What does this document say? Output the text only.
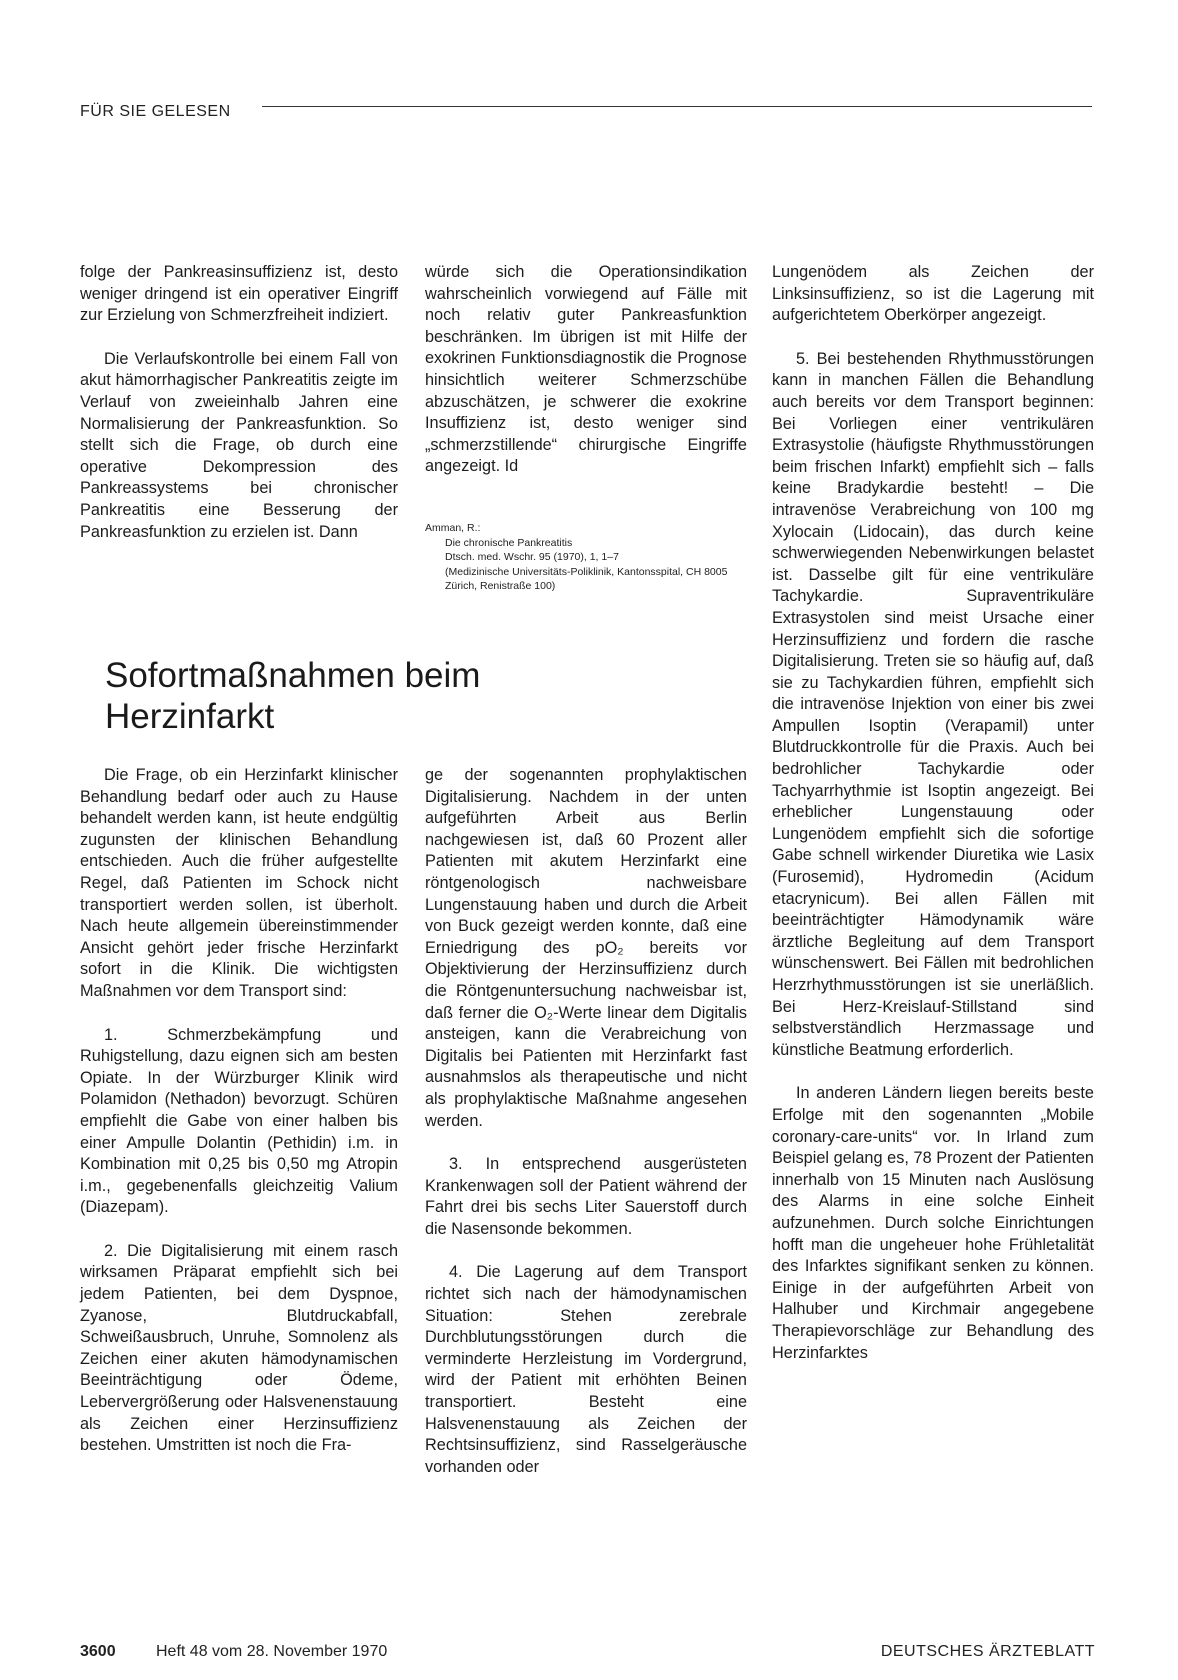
FÜR SIE GELESEN

folge der Pankreasinsuffizienz ist, desto weniger dringend ist ein operativer Eingriff zur Erzielung von Schmerzfreiheit indiziert.

Die Verlaufskontrolle bei einem Fall von akut hämorrhagischer Pankreatitis zeigte im Verlauf von zweieinhalb Jahren eine Normalisierung der Pankreasfunktion. So stellt sich die Frage, ob durch eine operative Dekompression des Pankreassystems bei chronischer Pankreatitis eine Besserung der Pankreasfunktion zu erzielen ist. Dann

würde sich die Operationsindikation wahrscheinlich vorwiegend auf Fälle mit noch relativ guter Pankreasfunktion beschränken. Im übrigen ist mit Hilfe der exokrinen Funktionsdiagnostik die Prognose hinsichtlich weiterer Schmerzschübe abzuschätzen, je schwerer die exokrine Insuffizienz ist, desto weniger sind „schmerzstillende“ chirurgische Eingriffe angezeigt. Id

Amman, R.:
Die chronische Pankreatitis
Dtsch. med. Wschr. 95 (1970), 1, 1–7
(Medizinische Universitäts-Poliklinik, Kantonsspital, CH 8005 Zürich, Renistraße 100)
Sofortmaßnahmen beim
Herzinfarkt

Die Frage, ob ein Herzinfarkt klinischer Behandlung bedarf oder auch zu Hause behandelt werden kann, ist heute endgültig zugunsten der klinischen Behandlung entschieden. Auch die früher aufgestellte Regel, daß Patienten im Schock nicht transportiert werden sollen, ist überholt. Nach heute allgemein übereinstimmender Ansicht gehört jeder frische Herzinfarkt sofort in die Klinik. Die wichtigsten Maßnahmen vor dem Transport sind:

1. Schmerzbekämpfung und Ruhigstellung, dazu eignen sich am besten Opiate. In der Würzburger Klinik wird Polamidon (Nethadon) bevorzugt. Schüren empfiehlt die Gabe von einer halben bis einer Ampulle Dolantin (Pethidin) i.m. in Kombination mit 0,25 bis 0,50 mg Atropin i.m., gegebenenfalls gleichzeitig Valium (Diazepam).

2. Die Digitalisierung mit einem rasch wirksamen Präparat empfiehlt sich bei jedem Patienten, bei dem Dyspnoe, Zyanose, Blutdruckabfall, Schweißausbruch, Unruhe, Somnolenz als Zeichen einer akuten hämodynamischen Beeinträchtigung oder Ödeme, Lebervergrößerung oder Halsvenenstauung als Zeichen einer Herzinsuffizienz bestehen. Umstritten ist noch die Fra-

ge der sogenannten prophylaktischen Digitalisierung. Nachdem in der unten aufgeführten Arbeit aus Berlin nachgewiesen ist, daß 60 Prozent aller Patienten mit akutem Herzinfarkt eine röntgenologisch nachweisbare Lungenstauung haben und durch die Arbeit von Buck gezeigt werden konnte, daß eine Erniedrigung des pO₂ bereits vor Objektivierung der Herzinsuffizienz durch die Röntgenuntersuchung nachweisbar ist, daß ferner die O₂-Werte linear dem Digitalis ansteigen, kann die Verabreichung von Digitalis bei Patienten mit Herzinfarkt fast ausnahmslos als therapeutische und nicht als prophylaktische Maßnahme angesehen werden.

3. In entsprechend ausgerüsteten Krankenwagen soll der Patient während der Fahrt drei bis sechs Liter Sauerstoff durch die Nasensonde bekommen.

4. Die Lagerung auf dem Transport richtet sich nach der hämodynamischen Situation: Stehen zerebrale Durchblutungsstörungen durch die verminderte Herzleistung im Vordergrund, wird der Patient mit erhöhten Beinen transportiert. Besteht eine Halsvenenstauung als Zeichen der Rechtsinsuffizienz, sind Rasselgeräusche vorhanden oder

Lungenödem als Zeichen der Linksinsuffizienz, so ist die Lagerung mit aufgerichtetem Oberkörper angezeigt.

5. Bei bestehenden Rhythmusstörungen kann in manchen Fällen die Behandlung auch bereits vor dem Transport beginnen: Bei Vorliegen einer ventrikulären Extrasystolie (häufigste Rhythmusstörungen beim frischen Infarkt) empfiehlt sich – falls keine Bradykardie besteht! – Die intravenöse Verabreichung von 100 mg Xylocain (Lidocain), das durch keine schwerwiegenden Nebenwirkungen belastet ist. Dasselbe gilt für eine ventrikuläre Tachykardie. Supraventrikuläre Extrasystolen sind meist Ursache einer Herzinsuffizienz und fordern die rasche Digitalisierung. Treten sie so häufig auf, daß sie zu Tachykardien führen, empfiehlt sich die intravenöse Injektion von einer bis zwei Ampullen Isoptin (Verapamil) unter Blutdruckkontrolle für die Praxis. Auch bei bedrohlicher Tachykardie oder Tachyarrhythmie ist Isoptin angezeigt. Bei erheblicher Lungenstauung oder Lungenödem empfiehlt sich die sofortige Gabe schnell wirkender Diuretika wie Lasix (Furosemid), Hydromedin (Acidum etacrynicum). Bei allen Fällen mit beeinträchtigter Hämodynamik wäre ärztliche Begleitung auf dem Transport wünschenswert. Bei Fällen mit bedrohlichen Herzrhythmusstörungen ist sie unerläßlich. Bei Herz-Kreislauf-Stillstand sind selbstverständlich Herzmassage und künstliche Beatmung erforderlich.

In anderen Ländern liegen bereits beste Erfolge mit den sogenannten „Mobile coronary-care-units“ vor. In Irland zum Beispiel gelang es, 78 Prozent der Patienten innerhalb von 15 Minuten nach Auslösung des Alarms in eine solche Einheit aufzunehmen. Durch solche Einrichtungen hofft man die ungeheuer hohe Frühletalität des Infarktes signifikant senken zu können. Einige in der aufgeführten Arbeit von Halhuber und Kirchmair angegebene Therapievorschläge zur Behandlung des Herzinfarktes

3600	Heft 48 vom 28. November 1970	DEUTSCHES ÄRZTEBLATT
